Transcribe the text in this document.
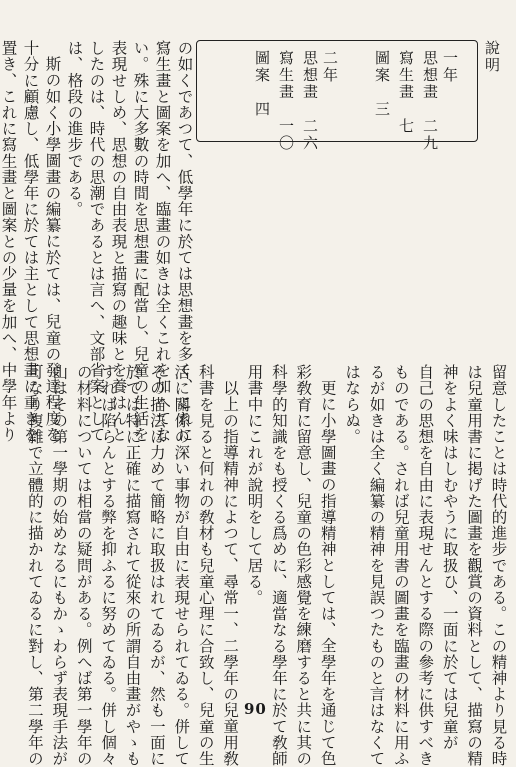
說明
一年
思想畫　二九
寫生畫　七
圖案　三
二年
思想畫　二六
寫生畫　一〇
圖案　四
の如くであつて、低學年に於ては思想畫を多く、これに
寫生畫と圖案を加へ、臨畫の如きは全くこれを加へてな
い。殊に大多數の時間を思想畫に配當し、兒童の生活を
表現せしめ、思想の自由表現と描寫の趣味とを養はんと
したのは、時代の思潮であるとは言へ、文部省案として
は、格段の進步である。
斯の如く小學圖畫の編纂に於ては、兒童の發達程度を
十分に顧慮し、低學年に於ては主として思想畫に重きを
置き、これに寫生畫と圖案との少量を加へ、中學年より
留意したことは時代的進步である。この精神より見る時
は兒童用書に掲げた圖畫を觀賞の資料として、描寫の精
神をよく味はしむやうに取扱ひ、一面に於ては兒童が
自己の思想を自由に表現せんとする際の參考に供すべき
ものである。されば兒童用書の圖畫を臨畫の材料に用ふ
るが如きは全く編纂の精神を見誤つたものと言はなくて
はならぬ。
更に小學圖畫の指導精神としては、全學年を通じて色
彩敎育に留意し、兒童の色彩感覺を練磨すると共に其の
科學的知識をも授くる爲めに、適當なる學年に於て敎師
用書中にこれが說明をして居る。
以上の指導精神によつて、尋常一、二學年の兒童用敎
科書を見ると何れの敎材も兒童心理に合致し、兒童の生
活に關係の深い事物が自由に表現せられてゐる。併して
その描法は力めて簡略に取扱はれてゐるが、然も一面に
於ては特に正確に描寫されて從來の所謂自由畫がやゝも
すれば陷らんとする弊を抑ふるに努めてゐる。併し個々
の材料については相當の疑問がある。例へば第一學年の
山はその第一學期の始めなるにもかゝわらず表現手法が
可なり複雜で立體的に描かれてゐるに對し、第二學年の	90
